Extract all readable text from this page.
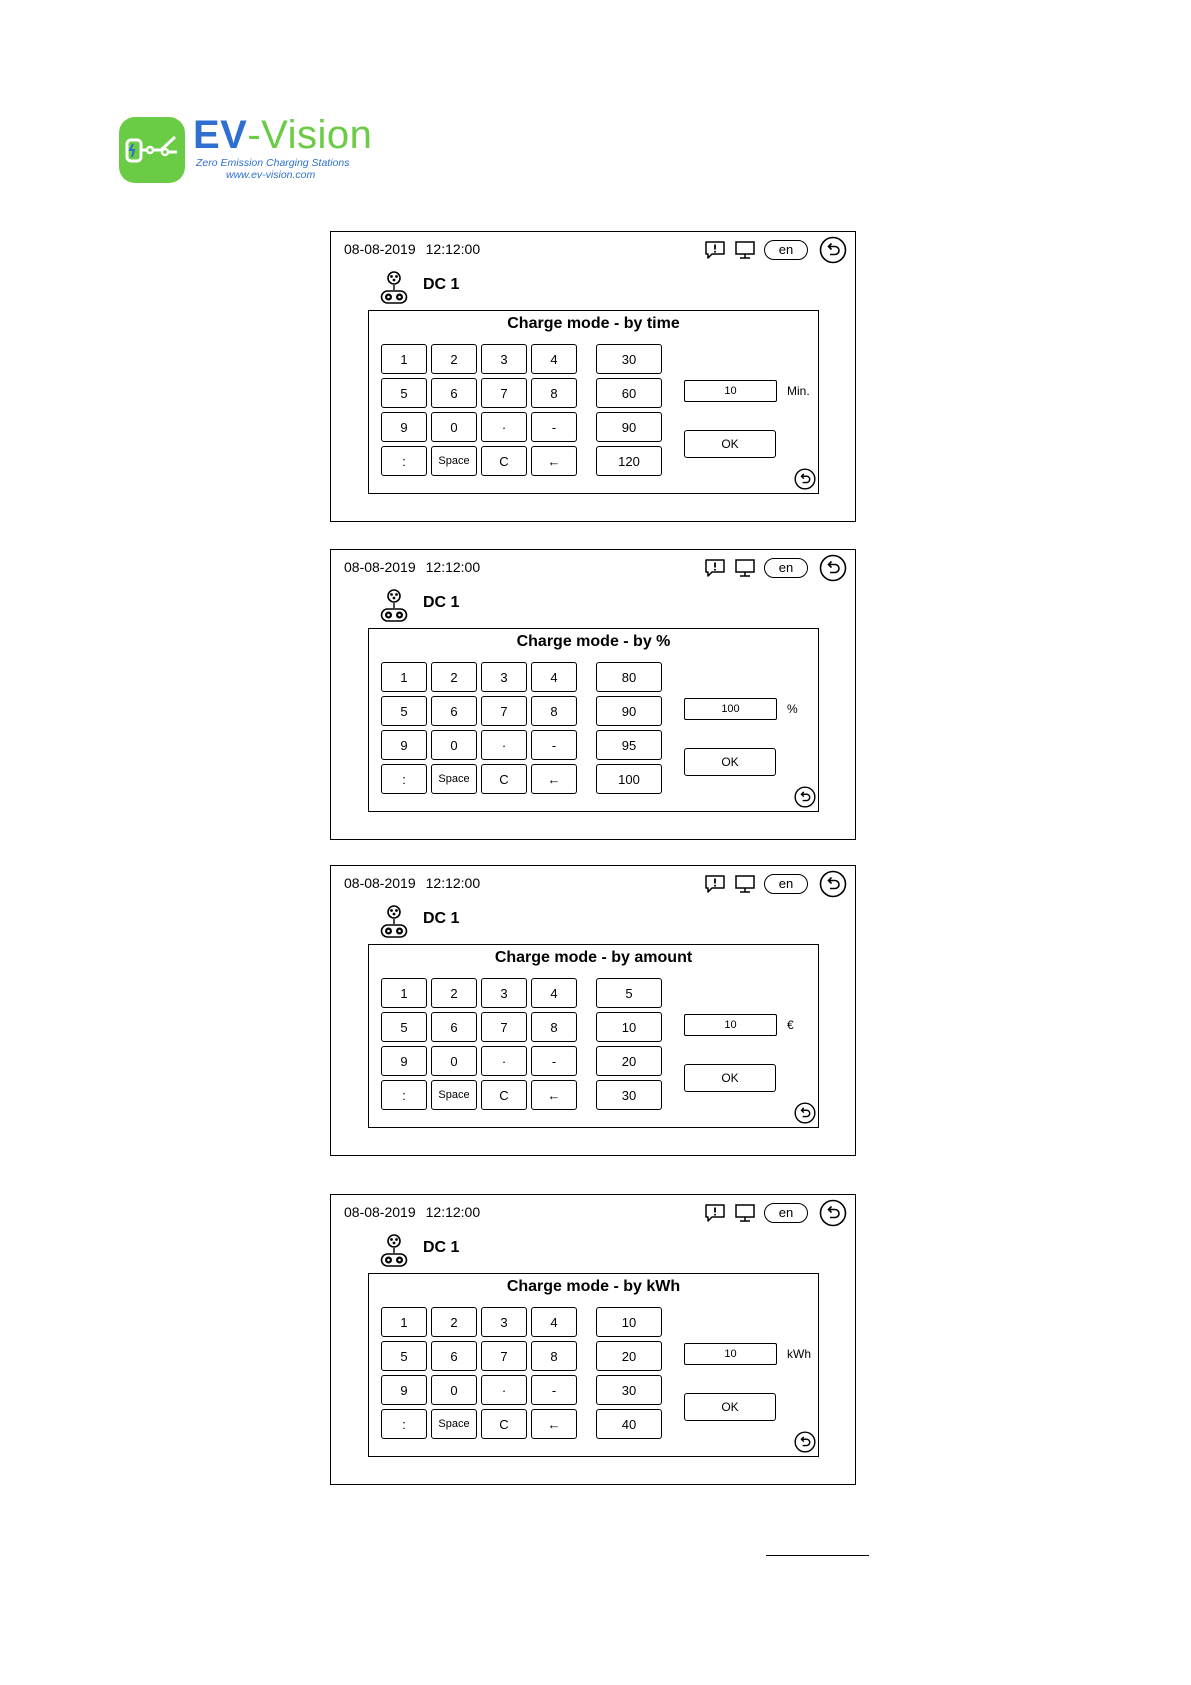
EV-Vision
Zero Emission Charging Stations
www.ev-vision.com
08-08-2019 12:12:00	en
DC 1
Charge mode - by time
1	2	3	4
5	6	7	8
9	0	·	-
:	Space	C	←
30
60
90
120
10	Min.
OK
08-08-2019 12:12:00	en
DC 1
Charge mode - by %
1	2	3	4
5	6	7	8
9	0	·	-
:	Space	C	←
80
90
95
100
100	%
OK
08-08-2019 12:12:00	en
DC 1
Charge mode - by amount
1	2	3	4
5	6	7	8
9	0	·	-
:	Space	C	←
5
10
20
30
10	€
OK
08-08-2019 12:12:00	en
DC 1
Charge mode - by kWh
1	2	3	4
5	6	7	8
9	0	·	-
:	Space	C	←
10
20
30
40
10	kWh
OK
